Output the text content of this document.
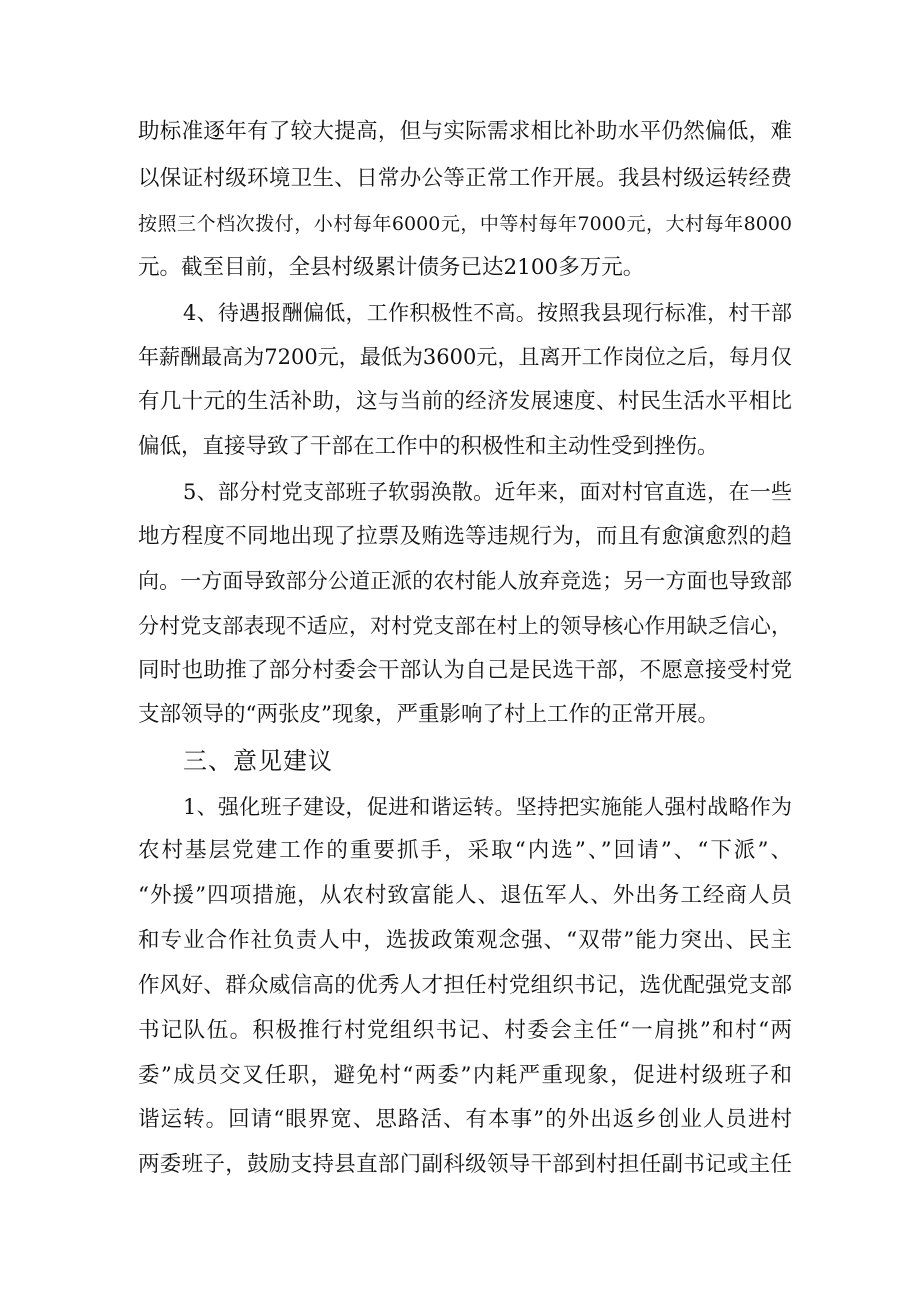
助标准逐年有了较大提高，但与实际需求相比补助水平仍然偏低，难
以保证村级环境卫生、日常办公等正常工作开展。我县村级运转经费
按照三个档次拨付，小村每年6000元，中等村每年7000元，大村每年8000
元。截至目前，全县村级累计债务已达2100多万元。
4、待遇报酬偏低，工作积极性不高。按照我县现行标准，村干部
年薪酬最高为7200元，最低为3600元，且离开工作岗位之后，每月仅
有几十元的生活补助，这与当前的经济发展速度、村民生活水平相比
偏低，直接导致了干部在工作中的积极性和主动性受到挫伤。
5、部分村党支部班子软弱涣散。近年来，面对村官直选，在一些
地方程度不同地出现了拉票及贿选等违规行为，而且有愈演愈烈的趋
向。一方面导致部分公道正派的农村能人放弃竞选；另一方面也导致部
分村党支部表现不适应，对村党支部在村上的领导核心作用缺乏信心，
同时也助推了部分村委会干部认为自己是民选干部，不愿意接受村党
支部领导的“两张皮”现象，严重影响了村上工作的正常开展。
三、意见建议
1、强化班子建设，促进和谐运转。坚持把实施能人强村战略作为
农村基层党建工作的重要抓手，采取“内选”、”回请”、“下派”、
“外援”四项措施，从农村致富能人、退伍军人、外出务工经商人员
和专业合作社负责人中，选拔政策观念强、“双带”能力突出、民主
作风好、群众威信高的优秀人才担任村党组织书记，选优配强党支部
书记队伍。积极推行村党组织书记、村委会主任“一肩挑”和村“两
委”成员交叉任职，避免村“两委”内耗严重现象，促进村级班子和
谐运转。回请“眼界宽、思路活、有本事”的外出返乡创业人员进村
两委班子，鼓励支持县直部门副科级领导干部到村担任副书记或主任
